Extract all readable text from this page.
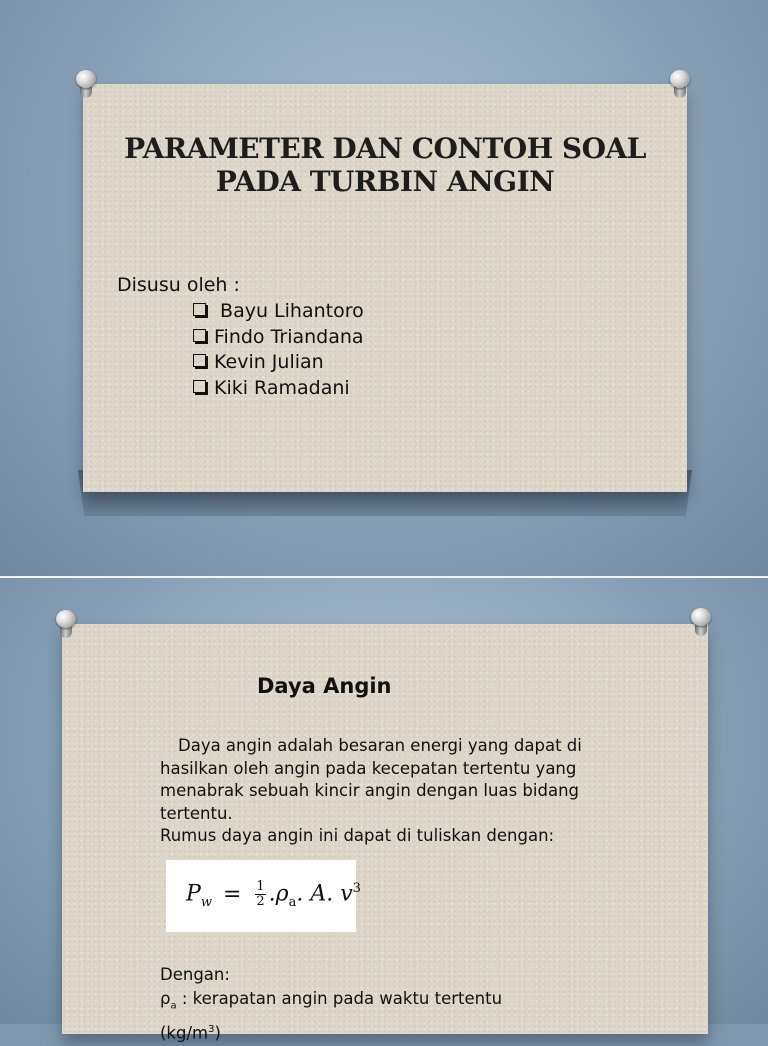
PARAMETER DAN CONTOH SOAL
PADA TURBIN ANGIN
Disusu oleh :
Bayu Lihantoro
Findo Triandana
Kevin Julian
Kiki Ramadani
Daya Angin

Daya angin adalah besaran energi yang dapat di hasilkan oleh angin pada kecepatan tertentu yang menabrak sebuah kincir angin dengan luas bidang tertentu.

Rumus daya angin ini dapat di tuliskan dengan:

$P_w = \frac{1}{2} .\rho_a$. A. $v^3$

Dengan:

$\rho_a$ : kerapatan angin pada waktu tertentu

$(kg/m^3)$
